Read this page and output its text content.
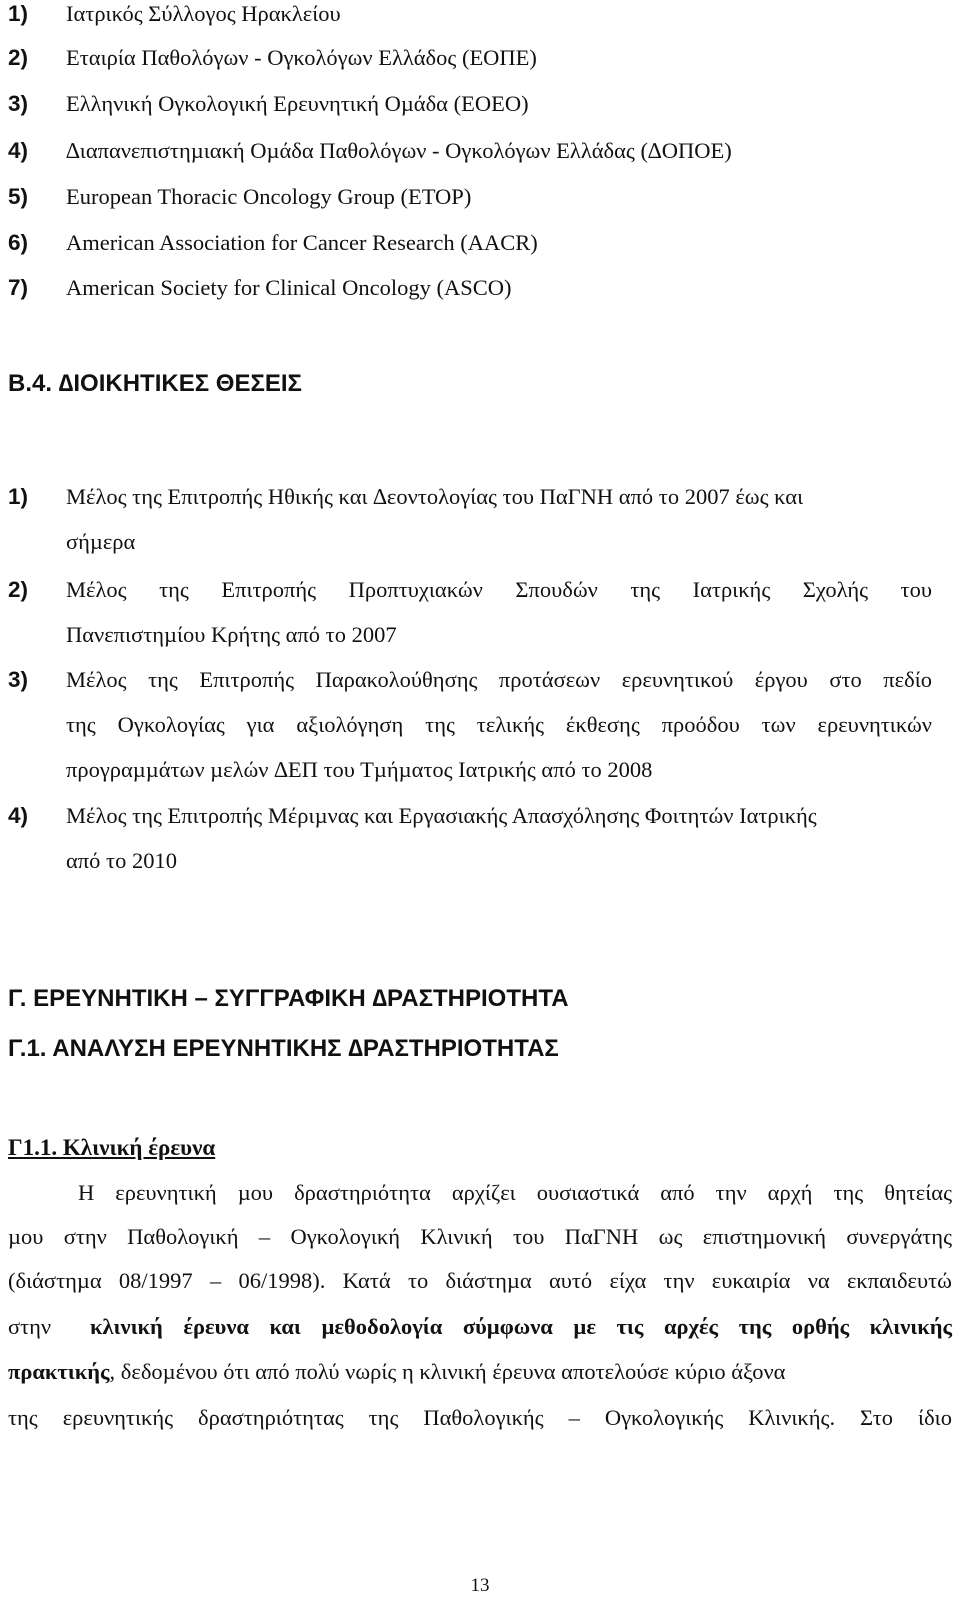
1) Ιατρικός Σύλλογος Ηρακλείου
2) Εταιρία Παθολόγων - Ογκολόγων Ελλάδος (ΕΟΠΕ)
3) Ελληνική Ογκολογική Ερευνητική Οµάδα (ΕΟΕΟ)
4) ∆ιαπανεπιστηµιακή Οµάδα Παθολόγων - Ογκολόγων Ελλάδας (∆ΟΠΟΕ)
5) European Thoracic Oncology Group (ETOP)
6) American Association for Cancer Research (AACR)
7) American Society for Clinical Oncology (ASCO)
Β.4. ∆ΙΟΙΚΗΤΙΚΕΣ ΘΕΣΕΙΣ
1) Μέλος της Επιτροπής Ηθικής και ∆εοντολογίας του ΠαΓΝΗ από το 2007 έως και
σήµερα
2) Μέλος της Επιτροπής Προπτυχιακών Σπουδών της Ιατρικής Σχολής του
Πανεπιστηµίου Κρήτης από το 2007
3) Μέλος της Επιτροπής Παρακολούθησης προτάσεων ερευνητικού έργου στο πεδίο
της Ογκολογίας για αξιολόγηση της τελικής έκθεσης προόδου των ερευνητικών
προγραµµάτων µελών ∆ΕΠ του Τµήµατος Ιατρικής από το 2008
4) Μέλος της Επιτροπής Μέριµνας και Εργασιακής Απασχόλησης Φοιτητών Ιατρικής
από το 2010
Γ. ΕΡΕΥΝΗΤΙΚΗ – ΣΥΓΓΡΑΦΙΚΗ ∆ΡΑΣΤΗΡΙΟΤΗΤΑ
Γ.1. ΑΝΑΛΥΣΗ ΕΡΕΥΝΗΤΙΚΗΣ ∆ΡΑΣΤΗΡΙΟΤΗΤΑΣ
Γ1.1. Κλινική έρευνα
Η ερευνητική µου δραστηριότητα αρχίζει ουσιαστικά από την αρχή της θητείας
µου στην Παθολογική – Ογκολογική Κλινική του ΠαΓΝΗ ως επιστηµονική συνεργάτης
(διάστηµα 08/1997 – 06/1998). Κατά το διάστηµα αυτό είχα την ευκαιρία να εκπαιδευτώ
στην κλινική έρευνα και µεθοδολογία σύµφωνα µε τις αρχές της ορθής κλινικής
πρακτικής, δεδοµένου ότι από πολύ νωρίς η κλινική έρευνα αποτελούσε κύριο άξονα
της ερευνητικής δραστηριότητας της Παθολογικής – Ογκολογικής Κλινικής. Στο ίδιο
13
